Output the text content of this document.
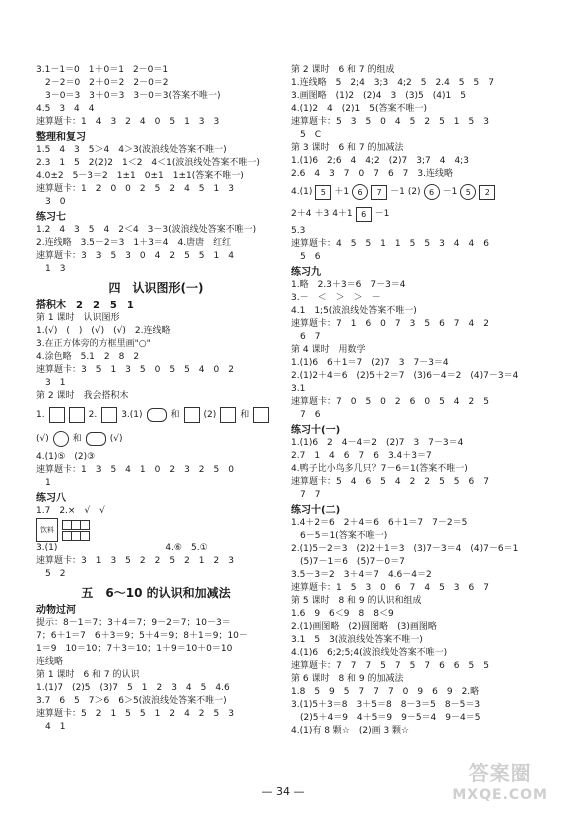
3.1－1＝0　1＋0＝1　2－0＝1
　2－2＝0　2＋0＝2　2－0＝2
　3－0＝3　3＋0＝3　3－0＝3(答案不唯一)
4.5　3　4　4
速算题卡：1　4　3　2　4　0　5　1　3　3
整理和复习
1.5　4　3　5＞4　4＞3(波浪线处答案不唯一)
2.3　1　5　2(2)2　1＜2　4＜1(波浪线处答案不唯一)
4.0±2　5－3＝2　1±1　0±1　1±1(答案不唯一)
速算题卡：1　2　0　0　2　5　2　4　5　1　3
　3　0
练习七
1.2　4　3　5　4　2＜4　3－3(波浪线处答案不唯一)
2.连线略　3.5－2＝3　1＋3＝4　4.唐唐　红红
速算题卡：3　3　5　3　0　4　2　5　5　1　4
　1　3
四　认识图形(一)
搭积木　2　2　5　1
第 1 课时　认识图形
1.(√)　(　)　(√)　(√)　2.连线略
3.在正方体旁的方框里画"○"
4.涂色略　5.1　2　8　2
速算题卡：3　5　1　3　5　0　5　5　4　0　2
　3　1
第 2 课时　我会搭积木
1.	2.	3.(1)	和	(2)	和
(√)	和	(√)
4.(1)⑤　(2)③
速算题卡：1　3　5　4　1　0　2　3　2　5　0
　1
练习八
1.7　2.×　√　√
饮料
3.(1)　　　　　　　　　　　　4.⑥　5.①
速算题卡：3　1　3　5　2　2　5　2　1　2　3
　5　2
五　6～10 的认识和加减法
动物过河
提示：8－1＝7；3＋4＝7；9－2＝7；10－3＝
7；6＋1＝7　6＋3＝9；5＋4＝9；8＋1＝9；10－
1＝9　10＝10；7＋3＝10；1＋9＝10＋0＝10
连线略
第 1 课时　6 和 7 的认识
1.(1)7　(2)5　(3)7　5　1　2　3　4　5　4.6
3.7　6　5　7＞6　6＞5(波浪线处答案不唯一)
速算题卡：5　2　1　5　5　1　2　4　2　5　3
　4　1
第 2 课时　6 和 7 的组成
1.连线略　5　2;4　3;3　4;2　5　2.4　5　5　7
3.画图略　(1)2　(2)4　3　(3)5　(4)1　5
4.(1)2　4　(2)1　5(答案不唯一)
速算题卡：5　3　5　0　4　5　2　5　1　5　3
　5　C
第 3 课时　6 和 7 的加减法
1.(1)6　2;6　4　4;2　(2)7　3;7　4　4;3
2.6　4　3　7　0　7　6　7　3.连线略
4.(1)	5 ＋1	6	7 －1 (2)	6 －1	5	2
2＋4 ＋3 4＋1	6 －1
5.3
速算题卡：4　5　5　1　1　5　5　3　4　4　6
　5　6
练习九
1.略　2.3＋3＝6　7－3＝4
3.－　＜　＞　＞　－
4.1　1;5(波浪线处答案不唯一)
速算题卡：7　1　6　0　7　3　5　6　7　4　2
　6　7
第 4 课时　用数学
1.(1)6　6＋1＝7　(2)7　3　7－3＝4
2.(1)2＋4＝6　(2)5＋2＝7　(3)6－4＝2　(4)7－3＝4
3.1
速算题卡：7　0　5　0　2　6　0　5　4　2　5
　7　6
练习十(一)
1.(1)6　2　4－4＝2　(2)7　3　7－3＝4
2.7　1　4　6　7　6　3.4＋3＝7
4.鸭子比小鸟多几只？7－6＝1(答案不唯一)
速算题卡：5　4　6　5　4　2　2　5　5　6　7
　7　7
练习十(二)
1.4＋2＝6　2＋4＝6　6＋1＝7　7－2＝5
　6－5＝1(答案不唯一)
2.(1)5－2＝3　(2)2＋1＝3　(3)7－3＝4　(4)7－6＝1
　(5)7－1＝6　(5)7－0＝7
3.5－3＝2　3＋4＝7　4.6－4＝2
速算题卡：1　5　3　0　6　7　4　5　3　6　7
第 5 课时　8 和 9 的认识和组成
1.6　9　6＜9　8　8＜9
2.(1)画图略　(2)圆图略　(3)画图略
3.1　5　3(波浪线处答案不唯一)
4.(1)6　6;2;5;4(波浪线处答案不唯一)
速算题卡：7　7　7　5　7　5　7　6　6　5　5
第 6 课时　8 和 9 的加减法
1.8　5　9　5　7　7　7　0　9　6　9　2.略
3.(1)5＋3＝8　3＋5＝8　8－3＝5　8－5＝3
　(2)5＋4＝9　4＋5＝9　9－5＝4　9－4＝5
4.(1)有 8 颗☆　(2)画 3 颗☆
— 34 —
答案圈
MXQE.COM
